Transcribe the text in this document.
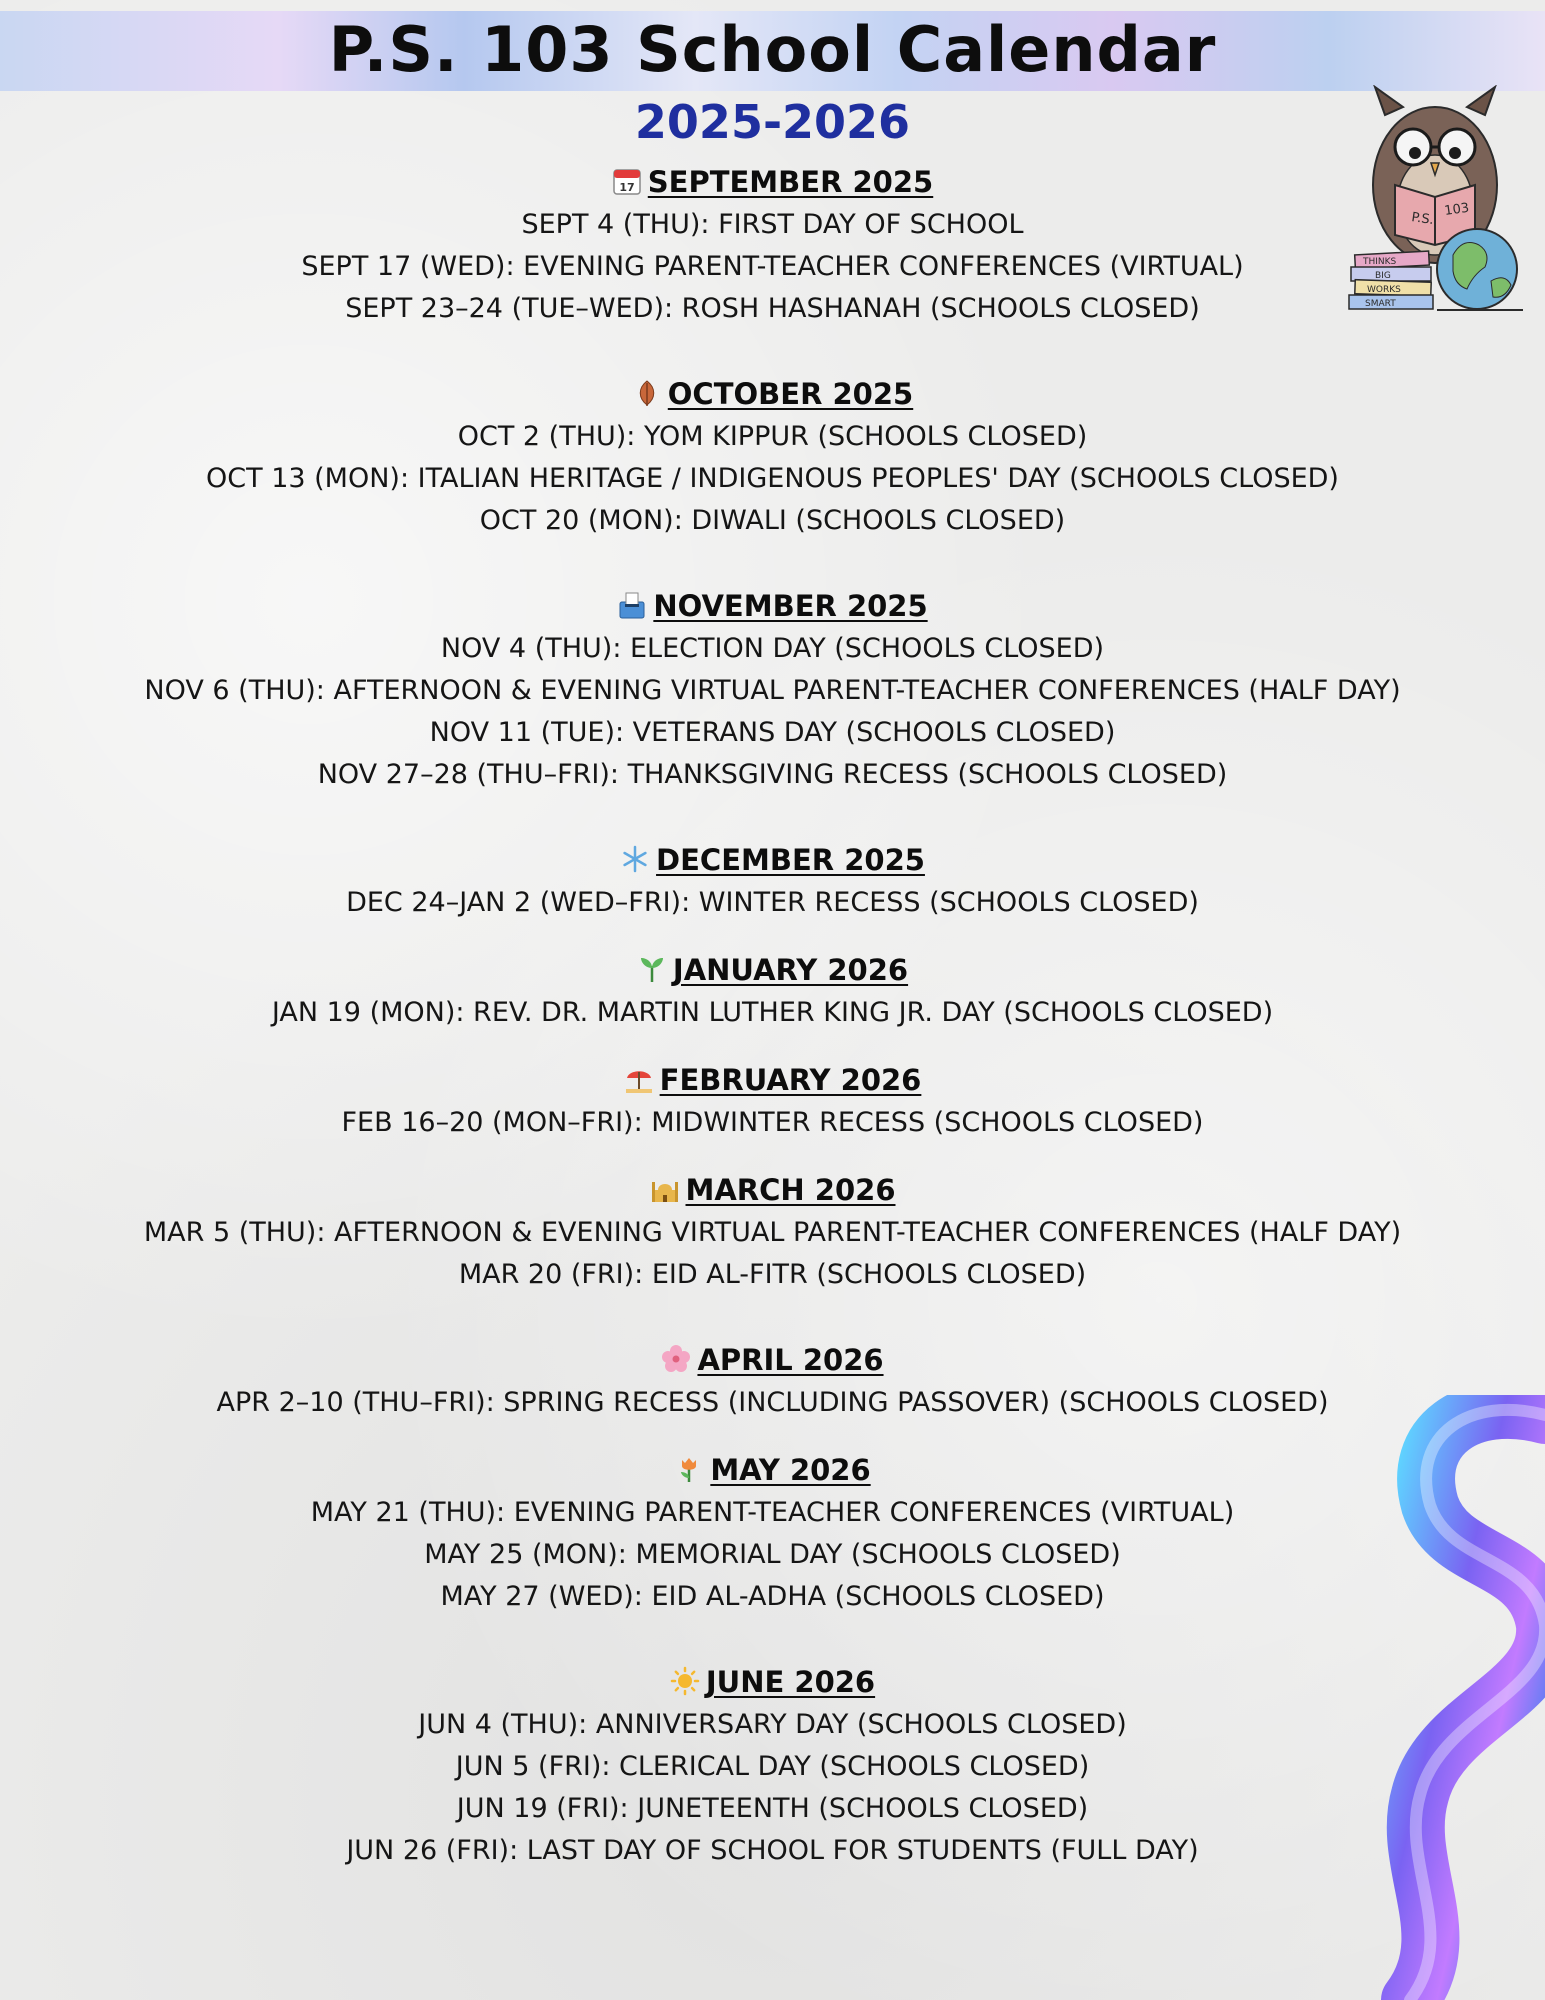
P.S. 103 School Calendar
2025-2026
P.S.
103
THINKS
BIG
WORKS
SMART
17 SEPTEMBER 2025
SEPT 4 (THU): FIRST DAY OF SCHOOL
SEPT 17 (WED): EVENING PARENT-TEACHER CONFERENCES (VIRTUAL)
SEPT 23–24 (TUE–WED): ROSH HASHANAH (SCHOOLS CLOSED)
OCTOBER 2025
OCT 2 (THU): YOM KIPPUR (SCHOOLS CLOSED)
OCT 13 (MON): ITALIAN HERITAGE / INDIGENOUS PEOPLES' DAY (SCHOOLS CLOSED)
OCT 20 (MON): DIWALI (SCHOOLS CLOSED)
NOVEMBER 2025
NOV 4 (THU): ELECTION DAY (SCHOOLS CLOSED)
NOV 6 (THU): AFTERNOON & EVENING VIRTUAL PARENT-TEACHER CONFERENCES (HALF DAY)
NOV 11 (TUE): VETERANS DAY (SCHOOLS CLOSED)
NOV 27–28 (THU–FRI): THANKSGIVING RECESS (SCHOOLS CLOSED)
DECEMBER 2025
DEC 24–JAN 2 (WED–FRI): WINTER RECESS (SCHOOLS CLOSED)
JANUARY 2026
JAN 19 (MON): REV. DR. MARTIN LUTHER KING JR. DAY (SCHOOLS CLOSED)
FEBRUARY 2026
FEB 16–20 (MON–FRI): MIDWINTER RECESS (SCHOOLS CLOSED)
MARCH 2026
MAR 5 (THU): AFTERNOON & EVENING VIRTUAL PARENT-TEACHER CONFERENCES (HALF DAY)
MAR 20 (FRI): EID AL-FITR (SCHOOLS CLOSED)
APRIL 2026
APR 2–10 (THU–FRI): SPRING RECESS (INCLUDING PASSOVER) (SCHOOLS CLOSED)
MAY 2026
MAY 21 (THU): EVENING PARENT-TEACHER CONFERENCES (VIRTUAL)
MAY 25 (MON): MEMORIAL DAY (SCHOOLS CLOSED)
MAY 27 (WED): EID AL-ADHA (SCHOOLS CLOSED)
JUNE 2026
JUN 4 (THU): ANNIVERSARY DAY (SCHOOLS CLOSED)
JUN 5 (FRI): CLERICAL DAY (SCHOOLS CLOSED)
JUN 19 (FRI): JUNETEENTH (SCHOOLS CLOSED)
JUN 26 (FRI): LAST DAY OF SCHOOL FOR STUDENTS (FULL DAY)
